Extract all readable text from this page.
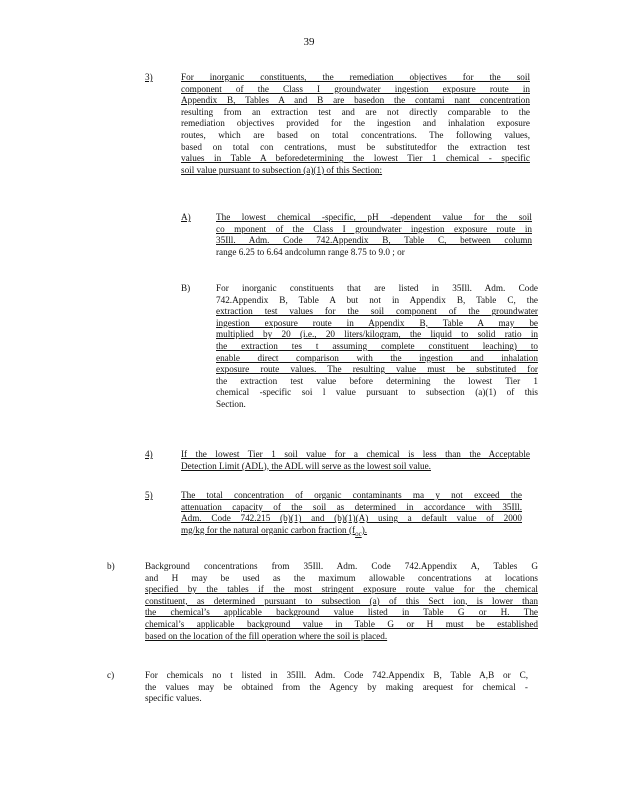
39
3)	For inorganic constituents, the remediation objectives for the soil
component of the Class I groundwater ingestion exposure route in
Appendix B, Tables A and B are basedon the contami nant concentration
resulting from an extraction test and are not directly comparable to the
remediation objectives provided for the ingestion and inhalation exposure
routes, which are based on total concentrations. The following values,
based on total con centrations, must be substitutedfor the extraction test
values in Table A beforedetermining the lowest Tier 1 chemical - specific
soil value pursuant to subsection (a)(1) of this Section:
A)	The lowest chemical -specific, pH -dependent value for the soil
co mponent of the Class I groundwater ingestion exposure route in
35Ill. Adm. Code 742.Appendix B, Table C, between column
range 6.25 to 6.64 andcolumn range 8.75 to 9.0 ; or
B)	For inorganic constituents that are listed in 35Ill. Adm. Code
742.Appendix B, Table A but not in Appendix B, Table C, the
extraction test values for the soil component of the groundwater
ingestion exposure route in Appendix B, Table A may be
multiplied by 20 (i.e., 20 liters/kilogram, the liquid to solid ratio in
the extraction tes t assuming complete constituent leaching) to
enable direct comparison with the ingestion and inhalation
exposure route values. The resulting value must be substituted for
the extraction test value before determining the lowest Tier 1
chemical -specific soi l value pursuant to subsection (a)(1) of this
Section.
4)	If the lowest Tier 1 soil value for a chemical is less than the Acceptable
Detection Limit (ADL), the ADL will serve as the lowest soil value.
5)	The total concentration of organic contaminants ma y not exceed the
attenuation capacity of the soil as determined in accordance with 35Ill.
Adm. Code 742.215 (b)(1) and (b)(1)(A) using a default value of 2000
mg/kg for the natural organic carbon fraction $(f_{oc})$.
b)	Background concentrations from 35Ill. Adm. Code 742.Appendix A, Tables G
and H may be used as the maximum allowable concentrations at locations
specified by the tables if the most stringent exposure route value for the chemical
constituent, as determined pursuant to subsection (a) of this Sect ion, is lower than
the chemical’s applicable background value listed in Table G or H. The
chemical’s applicable background value in Table G or H must be established
based on the location of the fill operation where the soil is placed.
c)	For chemicals no t listed in 35Ill. Adm. Code 742.Appendix B, Table A,B or C,
the values may be obtained from the Agency by making arequest for chemical -
specific values.
